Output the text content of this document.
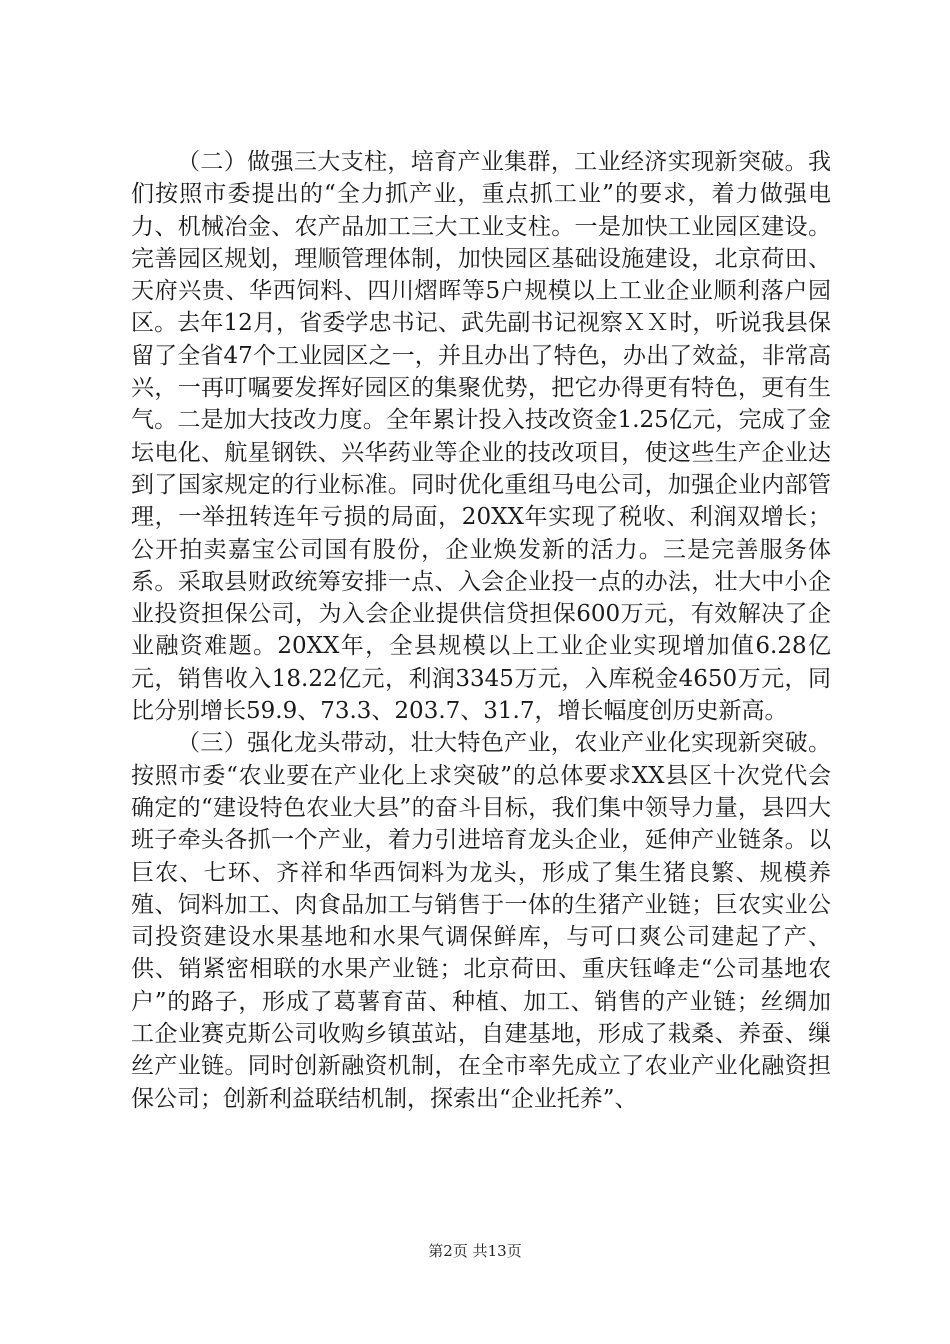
（二）做强三大支柱，培育产业集群，工业经济实现新突破。我们按照市委提出的“全力抓产业，重点抓工业”的要求，着力做强电力、机械冶金、农产品加工三大工业支柱。一是加快工业园区建设。完善园区规划，理顺管理体制，加快园区基础设施建设，北京荷田、天府兴贵、华西饲料、四川熠晖等5户规模以上工业企业顺利落户园区。去年12月，省委学忠书记、武先副书记视察ＸＸ时，听说我县保留了全省47个工业园区之一，并且办出了特色，办出了效益，非常高兴，一再叮嘱要发挥好园区的集聚优势，把它办得更有特色，更有生气。二是加大技改力度。全年累计投入技改资金1.25亿元，完成了金坛电化、航星钢铁、兴华药业等企业的技改项目，使这些生产企业达到了国家规定的行业标准。同时优化重组马电公司，加强企业内部管理，一举扭转连年亏损的局面，20XX年实现了税收、利润双增长；公开拍卖嘉宝公司国有股份，企业焕发新的活力。三是完善服务体系。采取县财政统筹安排一点、入会企业投一点的办法，壮大中小企业投资担保公司，为入会企业提供信贷担保600万元，有效解决了企业融资难题。20XX年，全县规模以上工业企业实现增加值6.28亿元，销售收入18.22亿元，利润3345万元，入库税金4650万元，同比分别增长59.9、73.3、203.7、31.7，增长幅度创历史新高。

（三）强化龙头带动，壮大特色产业，农业产业化实现新突破。按照市委“农业要在产业化上求突破”的总体要求XX县区十次党代会确定的“建设特色农业大县”的奋斗目标，我们集中领导力量，县四大班子牵头各抓一个产业，着力引进培育龙头企业，延伸产业链条。以巨农、七环、齐祥和华西饲料为龙头，形成了集生猪良繁、规模养殖、饲料加工、肉食品加工与销售于一体的生猪产业链；巨农实业公司投资建设水果基地和水果气调保鲜库，与可口爽公司建起了产、供、销紧密相联的水果产业链；北京荷田、重庆钰峰走“公司基地农户”的路子，形成了葛薯育苗、种植、加工、销售的产业链；丝绸加工企业赛克斯公司收购乡镇茧站，自建基地，形成了栽桑、养蚕、缫丝产业链。同时创新融资机制，在全市率先成立了农业产业化融资担保公司；创新利益联结机制，探索出“企业托养”、

第2页 共13页
